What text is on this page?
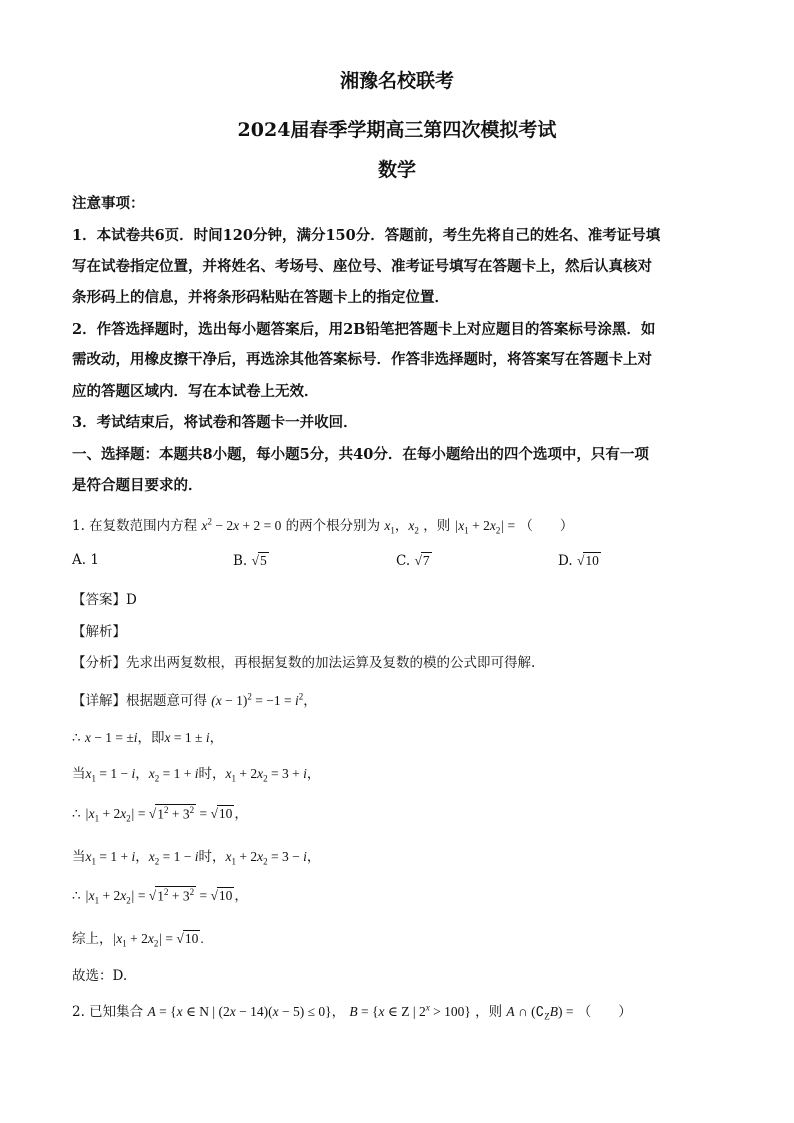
湘豫名校联考
2024届春季学期高三第四次模拟考试
数学
注意事项：
1．本试卷共6页．时间120分钟，满分150分．答题前，考生先将自己的姓名、准考证号填
写在试卷指定位置，并将姓名、考场号、座位号、准考证号填写在答题卡上，然后认真核对
条形码上的信息，并将条形码粘贴在答题卡上的指定位置．
2．作答选择题时，选出每小题答案后，用2B铅笔把答题卡上对应题目的答案标号涂黑．如
需改动，用橡皮擦干净后，再选涂其他答案标号．作答非选择题时，将答案写在答题卡上对
应的答题区域内．写在本试卷上无效．
3．考试结束后，将试卷和答题卡一并收回．
一、选择题：本题共8小题，每小题5分，共40分．在每小题给出的四个选项中，只有一项
是符合题目要求的．
1. 在复数范围内方程 $x^2 - 2x + 2 = 0$ 的两个根分别为 $x_1$，$x_2$ ，则 $|x_1 + 2x_2|$ = （　　）
A. 1	B. √5	C. √7	D. √10
【答案】D
【解析】
【分析】先求出两复数根，再根据复数的加法运算及复数的模的公式即可得解.
【详解】根据题意可得 $(x - 1)^2 = -1 = i^2$，
∴ x − 1 = ±i，即x = 1 ± i，
当$x_1 = 1 - i$，$x_2 = 1 + i$时，$x_1 + 2x_2 = 3 + i$，
∴ $|x_1 + 2x_2| = √1^2 + 3^2 = √10$ ，
当$x_1 = 1 + i$，$x_2 = 1 - i$时，$x_1 + 2x_2 = 3 - i$，
∴ $|x_1 + 2x_2| = √1^2 + 3^2 = √10$ ，
综上，$|x_1 + 2x_2| = √10$ .
故选：D.
2. 已知集合 A = {x ∈ N | (2x − 14)(x − 5) ≤ 0}， B = {x ∈ Z | $2^x > 100$} ，则 A ∩ $(∁_ZB)$ = （　　）
